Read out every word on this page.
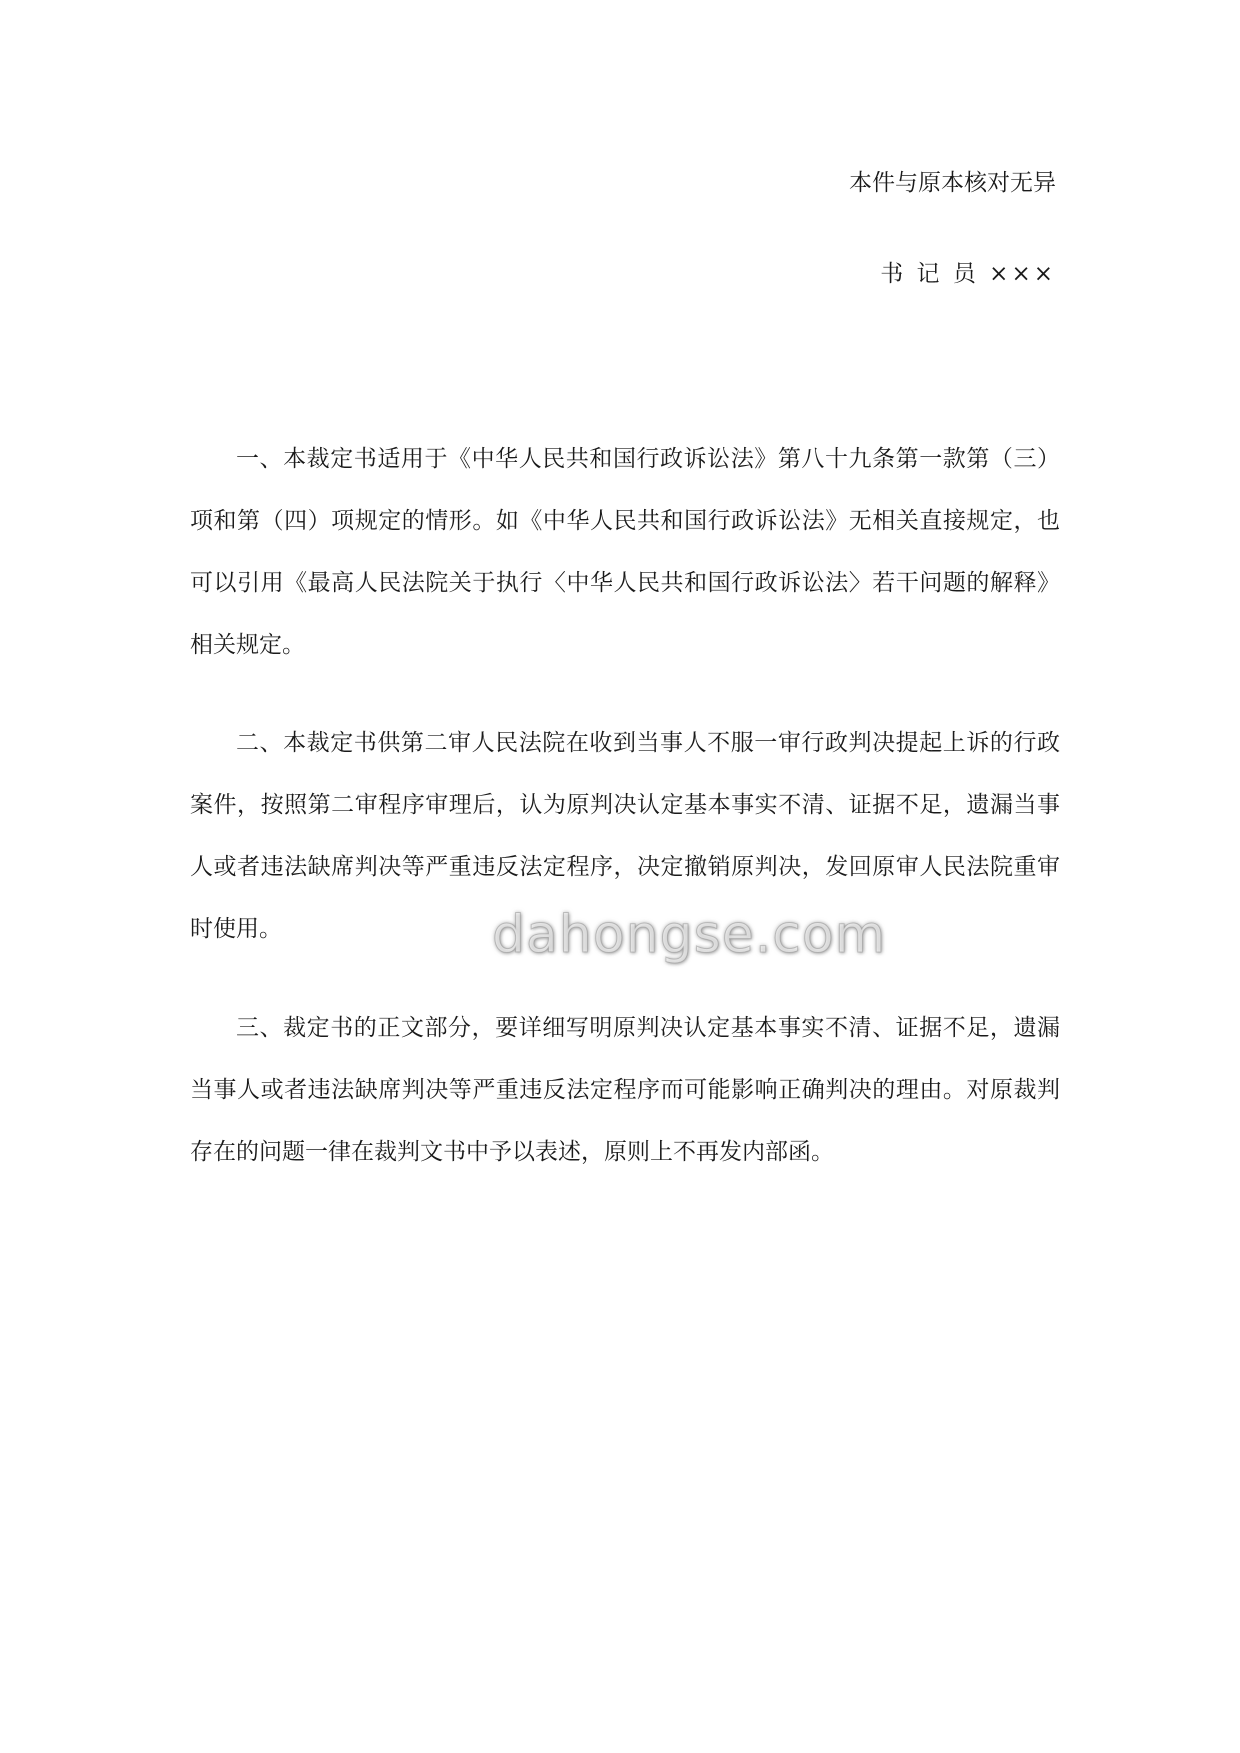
本件与原本核对无异
书 记 员 ×××

一、本裁定书适用于《中华人民共和国行政诉讼法》第八十九条第一款第（三）项和第（四）项规定的情形。如《中华人民共和国行政诉讼法》无相关直接规定，也可以引用《最高人民法院关于执行〈中华人民共和国行政诉讼法〉若干问题的解释》相关规定。

二、本裁定书供第二审人民法院在收到当事人不服一审行政判决提起上诉的行政案件，按照第二审程序审理后，认为原判决认定基本事实不清、证据不足，遗漏当事人或者违法缺席判决等严重违反法定程序，决定撤销原判决，发回原审人民法院重审时使用。

三、裁定书的正文部分，要详细写明原判决认定基本事实不清、证据不足，遗漏当事人或者违法缺席判决等严重违反法定程序而可能影响正确判决的理由。对原裁判存在的问题一律在裁判文书中予以表述，原则上不再发内部函。

dahongse.com
